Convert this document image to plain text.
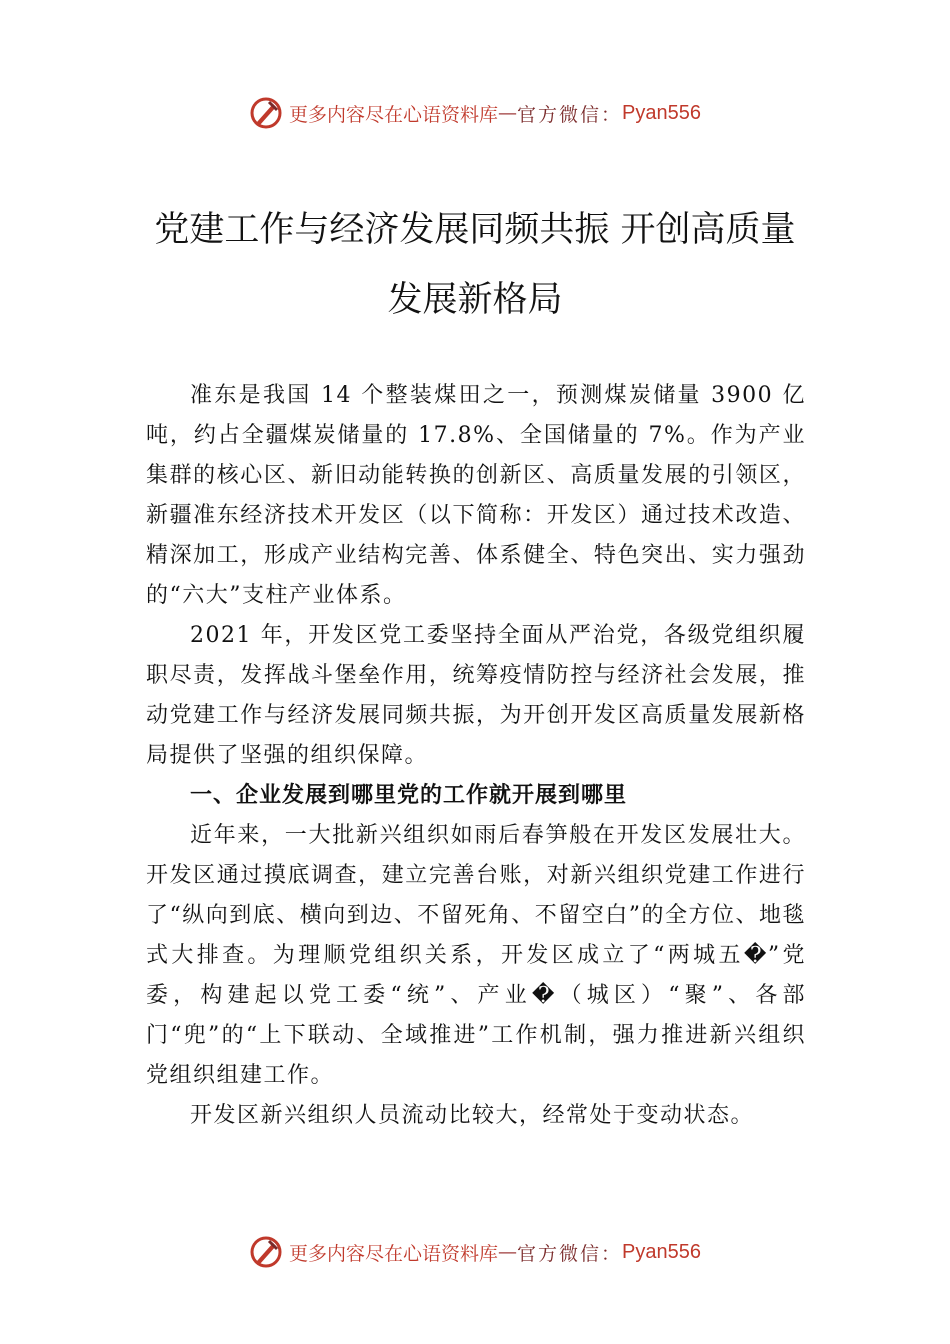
更多内容尽在心语资料库 — 官方微信： Pyan556
党建工作与经济发展同频共振 开创高质量
发展新格局

准东是我国 14 个整装煤田之一，预测煤炭储量 3900 亿吨，约占全疆煤炭储量的 17.8%、全国储量的 7%。作为产业集群的核心区、新旧动能转换的创新区、高质量发展的引领区，新疆准东经济技术开发区（以下简称：开发区）通过技术改造、精深加工，形成产业结构完善、体系健全、特色突出、实力强劲的“六大”支柱产业体系。

2021 年，开发区党工委坚持全面从严治党，各级党组织履职尽责，发挥战斗堡垒作用，统筹疫情防控与经济社会发展，推动党建工作与经济发展同频共振，为开创开发区高质量发展新格局提供了坚强的组织保障。

一、企业发展到哪里党的工作就开展到哪里

近年来，一大批新兴组织如雨后春笋般在开发区发展壮大。开发区通过摸底调查，建立完善台账，对新兴组织党建工作进行了“纵向到底、横向到边、不留死角、不留空白”的全方位、地毯式大排查。为理顺党组织关系，开发区成立了“两城五�”党委，构建起以党工委“统”、产业�（城区）“聚”、各部门“兜”的“上下联动、全域推进”工作机制，强力推进新兴组织党组织组建工作。

开发区新兴组织人员流动比较大，经常处于变动状态。

更多内容尽在心语资料库 — 官方微信： Pyan556
